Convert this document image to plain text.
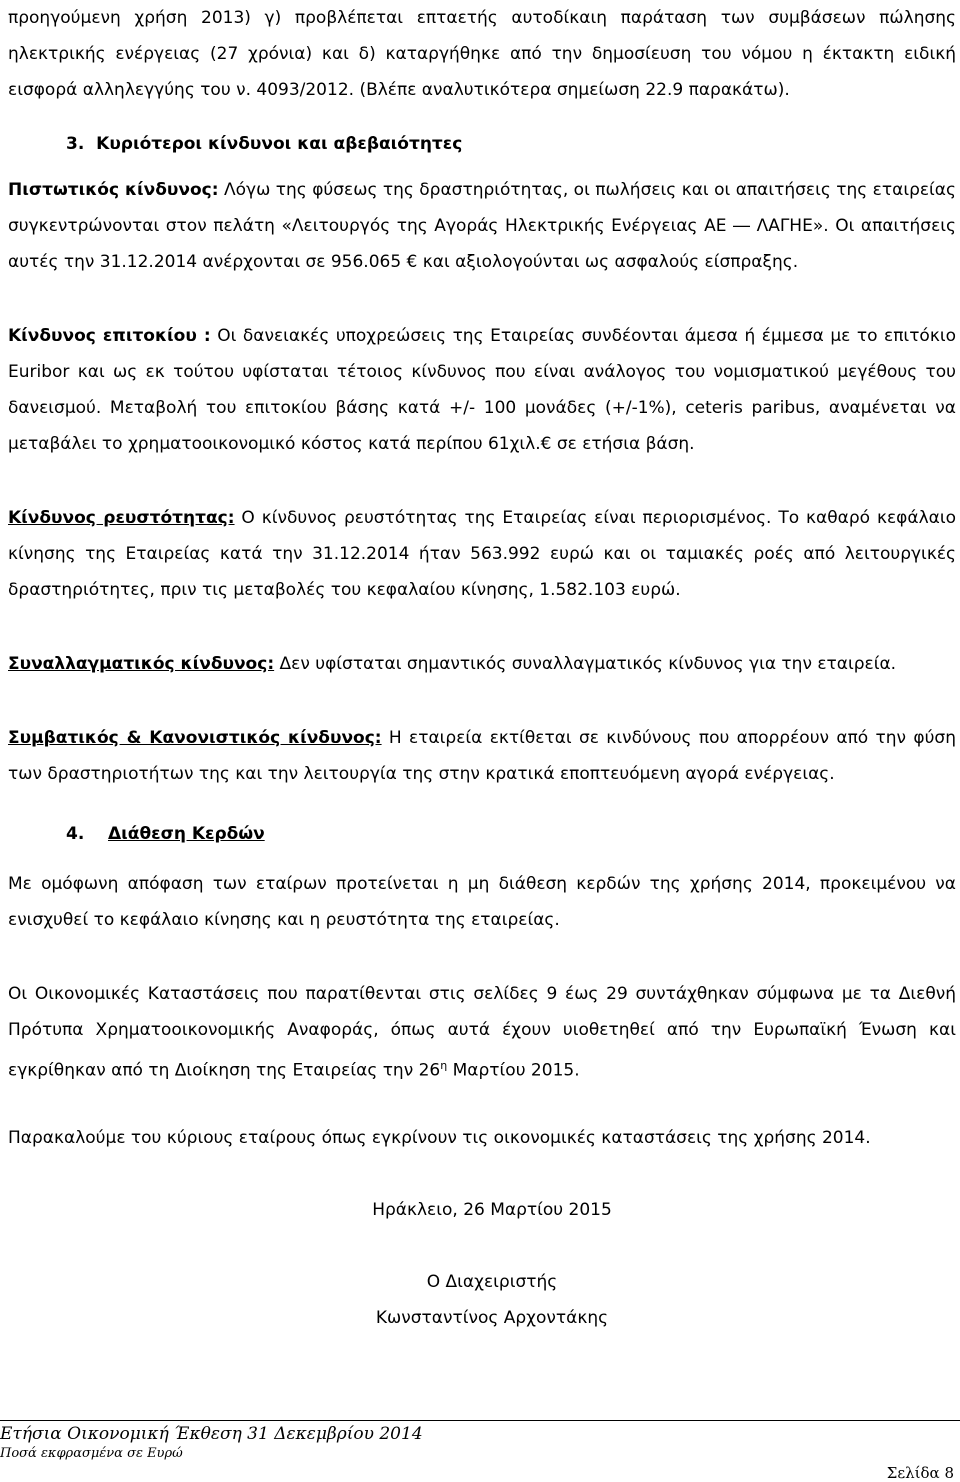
προηγούμενη χρήση 2013) γ) προβλέπεται επταετής αυτοδίκαιη παράταση των συμβάσεων πώλησης

ηλεκτρικής ενέργειας (27 χρόνια) και δ) καταργήθηκε από την δημοσίευση του νόμου η έκτακτη ειδική

εισφορά αλληλεγγύης του ν. 4093/2012. (Βλέπε αναλυτικότερα σημείωση 22.9 παρακάτω).

3. Κυριότεροι κίνδυνοι και αβεβαιότητες

Πιστωτικός κίνδυνος: Λόγω της φύσεως της δραστηριότητας, οι πωλήσεις και οι απαιτήσεις της εταιρείας συγκεντρώνονται στον πελάτη «Λειτουργός της Αγοράς Ηλεκτρικής Ενέργειας ΑΕ ― ΛΑΓΗΕ». Οι απαιτήσεις αυτές την 31.12.2014 ανέρχονται σε 956.065 € και αξιολογούνται ως ασφαλούς είσπραξης.

Κίνδυνος επιτοκίου : Οι δανειακές υποχρεώσεις της Εταιρείας συνδέονται άμεσα ή έμμεσα με το επιτόκιο Euribor και ως εκ τούτου υφίσταται τέτοιος κίνδυνος που είναι ανάλογος του νομισματικού μεγέθους του δανεισμού. Μεταβολή του επιτοκίου βάσης κατά +/- 100 μονάδες (+/-1%), ceteris paribus, αναμένεται να μεταβάλει το χρηματοοικονομικό κόστος κατά περίπου 61χιλ.€ σε ετήσια βάση.

Κίνδυνος ρευστότητας: Ο κίνδυνος ρευστότητας της Εταιρείας είναι περιορισμένος. Το καθαρό κεφάλαιο κίνησης της Εταιρείας κατά την 31.12.2014 ήταν 563.992 ευρώ και οι ταμιακές ροές από λειτουργικές δραστηριότητες, πριν τις μεταβολές του κεφαλαίου κίνησης, 1.582.103 ευρώ.

Συναλλαγματικός κίνδυνος: Δεν υφίσταται σημαντικός συναλλαγματικός κίνδυνος για την εταιρεία.

Συμβατικός & Κανονιστικός κίνδυνος: Η εταιρεία εκτίθεται σε κινδύνους που απορρέουν από την φύση των δραστηριοτήτων της και την λειτουργία της στην κρατικά εποπτευόμενη αγορά ενέργειας.

4. Διάθεση Κερδών

Με ομόφωνη απόφαση των εταίρων προτείνεται η μη διάθεση κερδών της χρήσης 2014, προκειμένου να ενισχυθεί το κεφάλαιο κίνησης και η ρευστότητα της εταιρείας.

Οι Οικονομικές Καταστάσεις που παρατίθενται στις σελίδες 9 έως 29 συντάχθηκαν σύμφωνα με τα Διεθνή Πρότυπα Χρηματοοικονομικής Αναφοράς, όπως αυτά έχουν υιοθετηθεί από την Ευρωπαϊκή Ένωση και εγκρίθηκαν από τη Διοίκηση της Εταιρείας την $26^\eta$ Μαρτίου 2015.

Παρακαλούμε του κύριους εταίρους όπως εγκρίνουν τις οικονομικές καταστάσεις της χρήσης 2014.

Ηράκλειο, 26 Μαρτίου 2015

Ο Διαχειριστής

Κωνσταντίνος Αρχοντάκης

Ετήσια Οικονομική Έκθεση 31 Δεκεμβρίου 2014
Ποσά εκφρασμένα σε Ευρώ
Σελίδα 8
